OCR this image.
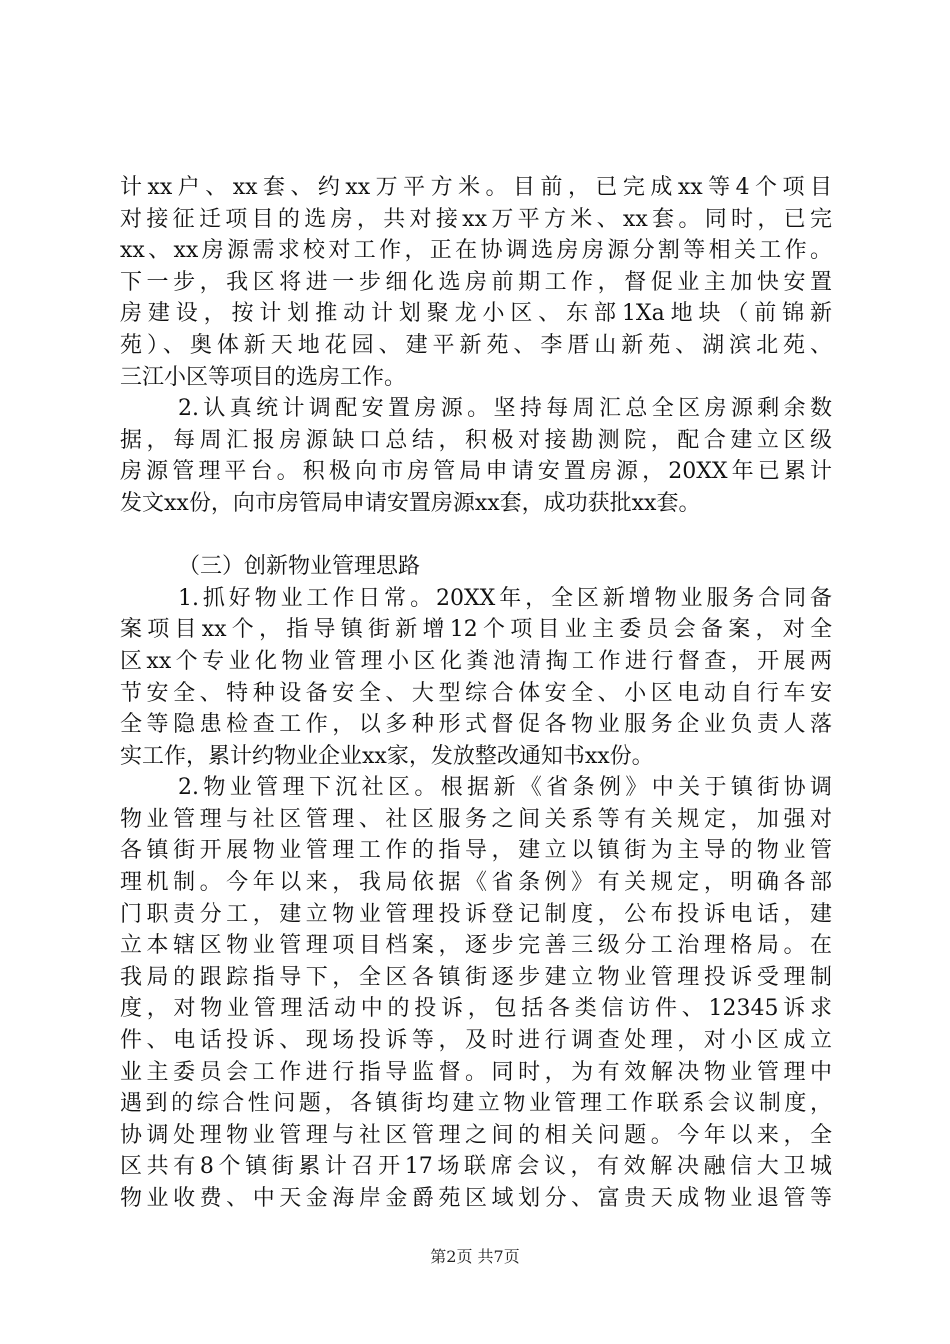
计xx户、xx套、约xx万平方米。目前，已完成xx等4个项目
对接征迁项目的选房，共对接xx万平方米、xx套。同时，已完
xx、xx房源需求校对工作，正在协调选房房源分割等相关工作。
下一步，我区将进一步细化选房前期工作，督促业主加快安置
房建设，按计划推动计划聚龙小区、东部1Xa地块（前锦新
苑）、奥体新天地花园、建平新苑、李厝山新苑、湖滨北苑、
三江小区等项目的选房工作。
2.认真统计调配安置房源。坚持每周汇总全区房源剩余数
据，每周汇报房源缺口总结，积极对接勘测院，配合建立区级
房源管理平台。积极向市房管局申请安置房源，20XX年已累计
发文xx份，向市房管局申请安置房源xx套，成功获批xx套。
（三）创新物业管理思路
1.抓好物业工作日常。20XX年，全区新增物业服务合同备
案项目xx个，指导镇街新增12个项目业主委员会备案，对全
区xx个专业化物业管理小区化粪池清掏工作进行督查，开展两
节安全、特种设备安全、大型综合体安全、小区电动自行车安
全等隐患检查工作，以多种形式督促各物业服务企业负责人落
实工作，累计约物业企业xx家，发放整改通知书xx份。
2.物业管理下沉社区。根据新《省条例》中关于镇街协调
物业管理与社区管理、社区服务之间关系等有关规定，加强对
各镇街开展物业管理工作的指导，建立以镇街为主导的物业管
理机制。今年以来，我局依据《省条例》有关规定，明确各部
门职责分工，建立物业管理投诉登记制度，公布投诉电话，建
立本辖区物业管理项目档案，逐步完善三级分工治理格局。在
我局的跟踪指导下，全区各镇街逐步建立物业管理投诉受理制
度，对物业管理活动中的投诉，包括各类信访件、12345诉求
件、电话投诉、现场投诉等，及时进行调查处理，对小区成立
业主委员会工作进行指导监督。同时，为有效解决物业管理中
遇到的综合性问题，各镇街均建立物业管理工作联系会议制度，
协调处理物业管理与社区管理之间的相关问题。今年以来，全
区共有8个镇街累计召开17场联席会议，有效解决融信大卫城
物业收费、中天金海岸金爵苑区域划分、富贵天成物业退管等
第2页 共7页
